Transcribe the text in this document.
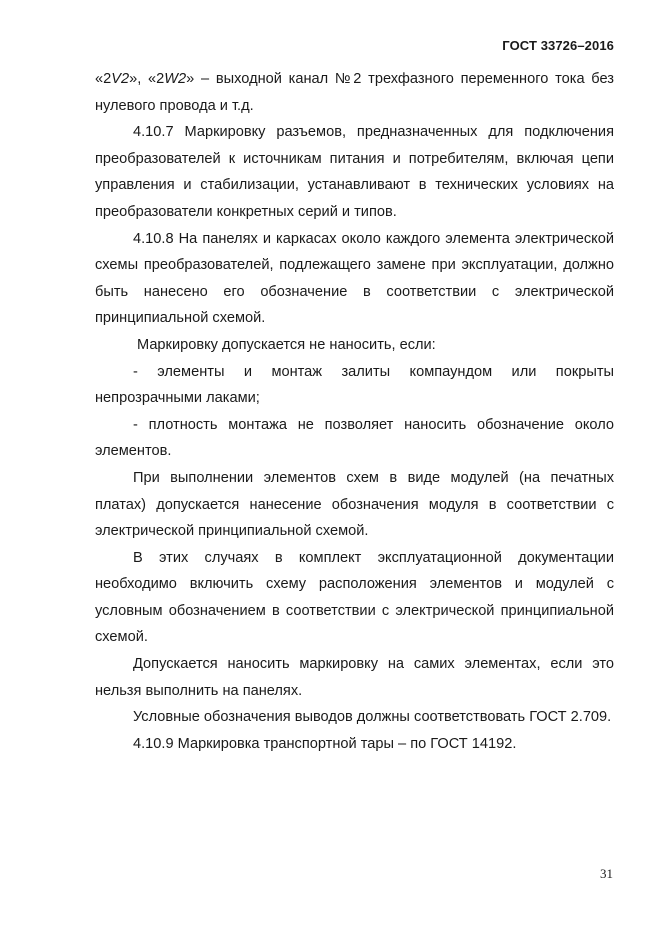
ГОСТ 33726–2016

«2V2», «2W2» – выходной канал №2 трехфазного переменного тока без нулевого провода и т.д.

4.10.7 Маркировку разъемов, предназначенных для подключения преобразователей к источникам питания и потребителям, включая цепи управления и стабилизации, устанавливают в технических условиях на преобразователи конкретных серий и типов.

4.10.8 На панелях и каркасах около каждого элемента электрической схемы преобразователей, подлежащего замене при эксплуатации, должно быть нанесено его обозначение в соответствии с электрической принципиальной схемой.

Маркировку допускается не наносить, если:

- элементы и монтаж залиты компаундом или покрыты непрозрачными лаками;

- плотность монтажа не позволяет наносить обозначение около элементов.

При выполнении элементов схем в виде модулей (на печатных платах) допускается нанесение обозначения модуля в соответствии с электрической принципиальной схемой.

В этих случаях в комплект эксплуатационной документации необходимо включить схему расположения элементов и модулей с условным обозначением в соответствии с электрической принципиальной схемой.

Допускается наносить маркировку на самих элементах, если это нельзя выполнить на панелях.

Условные обозначения выводов должны соответствовать ГОСТ 2.709.

4.10.9 Маркировка транспортной тары – по ГОСТ 14192.

31
